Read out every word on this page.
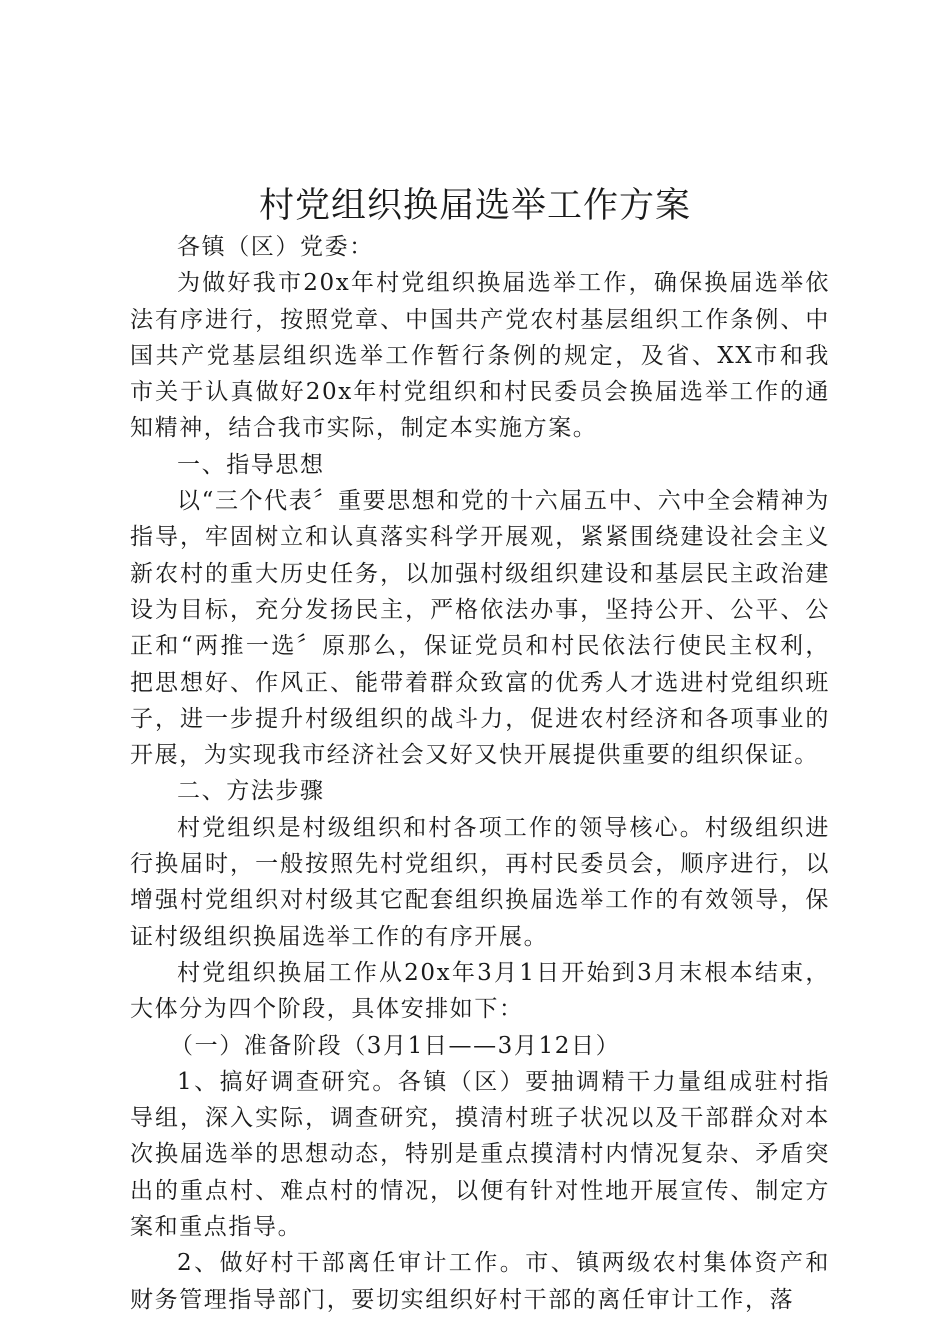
村党组织换届选举工作方案

各镇（区）党委：

为做好我市20x年村党组织换届选举工作，确保换届选举依法有序进行，按照党章、中国共产党农村基层组织工作条例、中国共产党基层组织选举工作暂行条例的规定，及省、XX市和我市关于认真做好20x年村党组织和村民委员会换届选举工作的通知精神，结合我市实际，制定本实施方案。

一、指导思想

以“三个代表〞重要思想和党的十六届五中、六中全会精神为指导，牢固树立和认真落实科学开展观，紧紧围绕建设社会主义新农村的重大历史任务，以加强村级组织建设和基层民主政治建设为目标，充分发扬民主，严格依法办事，坚持公开、公平、公正和“两推一选〞原那么，保证党员和村民依法行使民主权利，把思想好、作风正、能带着群众致富的优秀人才选进村党组织班子，进一步提升村级组织的战斗力，促进农村经济和各项事业的开展，为实现我市经济社会又好又快开展提供重要的组织保证。

二、方法步骤

村党组织是村级组织和村各项工作的领导核心。村级组织进行换届时，一般按照先村党组织，再村民委员会，顺序进行，以增强村党组织对村级其它配套组织换届选举工作的有效领导，保证村级组织换届选举工作的有序开展。

村党组织换届工作从20x年3月1日开始到3月末根本结束，大体分为四个阶段，具体安排如下：

（一）准备阶段（3月1日——3月12日）

1、搞好调查研究。各镇（区）要抽调精干力量组成驻村指导组，深入实际，调查研究，摸清村班子状况以及干部群众对本次换届选举的思想动态，特别是重点摸清村内情况复杂、矛盾突出的重点村、难点村的情况，以便有针对性地开展宣传、制定方案和重点指导。

2、做好村干部离任审计工作。市、镇两级农村集体资产和财务管理指导部门，要切实组织好村干部的离任审计工作，落
